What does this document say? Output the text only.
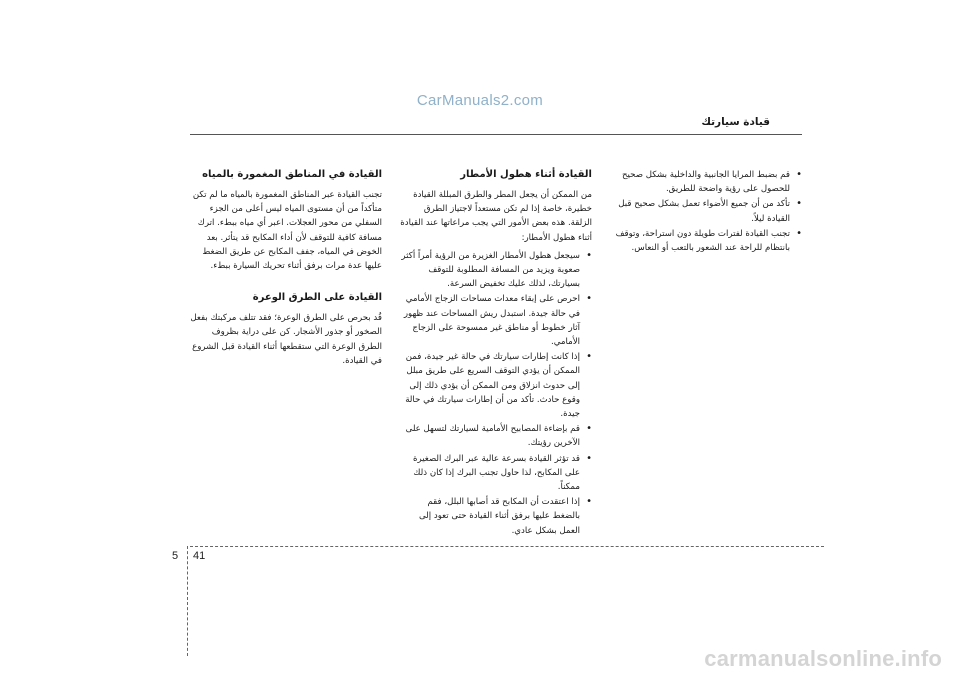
CarManuals2.com
قيادة سيارتك
• قم بضبط المرايا الجانبية والداخلية بشكل صحيح للحصول على رؤية واضحة للطريق.
• تأكد من أن جميع الأضواء تعمل بشكل صحيح قبل القيادة ليلاً.
• تجنب القيادة لفترات طويلة دون استراحة، وتوقف بانتظام للراحة عند الشعور بالتعب أو النعاس.
القيادة أثناء هطول الأمطار

من الممكن أن يجعل المطر والطرق المبللة القيادة خطيرة، خاصة إذا لم تكن مستعداً لاجتياز الطرق الزلقة. هذه بعض الأمور التي يجب مراعاتها عند القيادة أثناء هطول الأمطار:

• سيجعل هطول الأمطار الغزيرة من الرؤية أمراً أكثر صعوبة ويزيد من المسافة المطلوبة للتوقف بسيارتك، لذلك عليك تخفيض السرعة.
• احرص على إبقاء معدات مساحات الزجاج الأمامي في حالة جيدة. استبدل ريش المساحات عند ظهور آثار خطوط أو مناطق غير ممسوحة على الزجاج الأمامي.
• إذا كانت إطارات سيارتك في حالة غير جيدة، فمن الممكن أن يؤدي التوقف السريع على طريق مبلل إلى حدوث انزلاق ومن الممكن أن يؤدي ذلك إلى وقوع حادث. تأكد من أن إطارات سيارتك في حالة جيدة.
• قم بإضاءة المصابيح الأمامية لسيارتك لتسهل على الآخرين رؤيتك.
• قد تؤثر القيادة بسرعة عالية عبر البرك الصغيرة على المكابح، لذا حاول تجنب البرك إذا كان ذلك ممكناً.
• إذا اعتقدت أن المكابح قد أصابها البلل، فقم بالضغط عليها برفق أثناء القيادة حتى تعود إلى العمل بشكل عادي.
القيادة في المناطق المغمورة بالمياه

تجنب القيادة عبر المناطق المغمورة بالمياه ما لم تكن متأكداً من أن مستوى المياه ليس أعلى من الجزء السفلي من محور العجلات. اعبر أي مياه ببطء. اترك مسافة كافية للتوقف لأن أداء المكابح قد يتأثر. بعد الخوض في المياه، جفف المكابح عن طريق الضغط عليها عدة مرات برفق أثناء تحريك السيارة ببطء.

القيادة على الطرق الوعرة

قُد بحرص على الطرق الوعرة؛ فقد تتلف مركبتك بفعل الصخور أو جذور الأشجار. كن على دراية بظروف الطرق الوعرة التي ستقطعها أثناء القيادة قبل الشروع في القيادة.

5 41
carmanualsonline.info
